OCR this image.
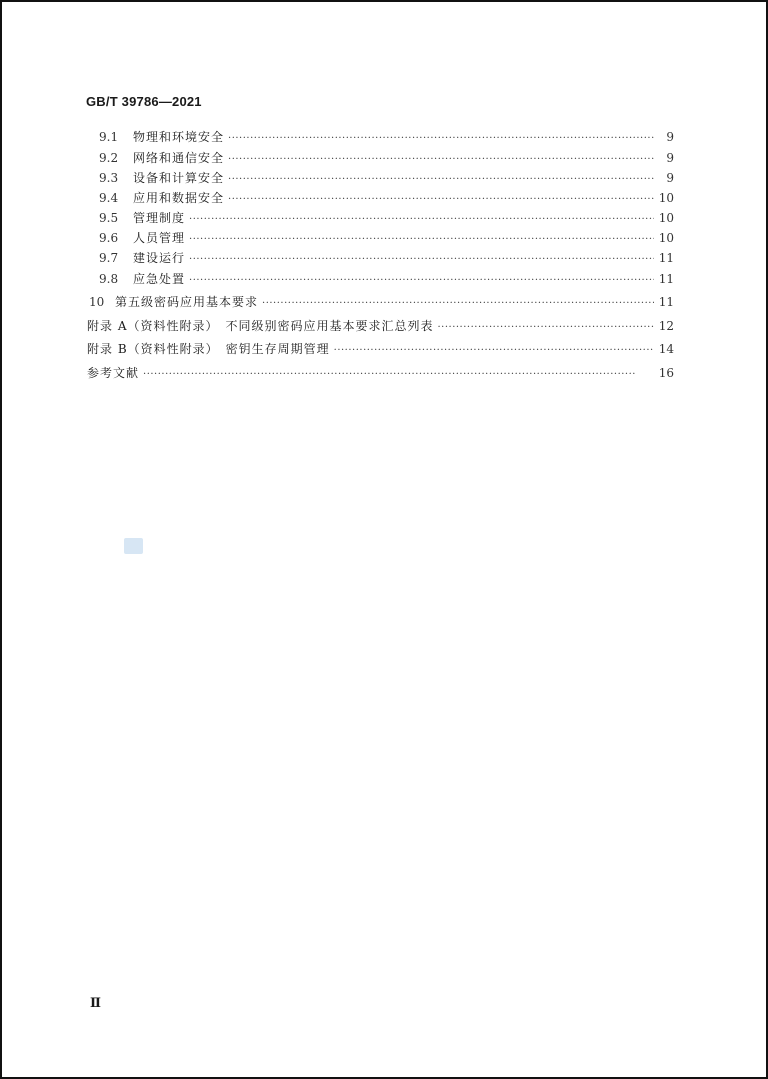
GB/T 39786—2021
9.1	物理和环境安全 ·····	9
9.2	网络和通信安全 ·····	9
9.3	设备和计算安全 ·····	9
9.4	应用和数据安全 ·····	10
9.5	管理制度 ·····	10
9.6	人员管理 ·····	10
9.7	建设运行 ·····	11
9.8	应急处置 ·····	11
10 第五级密码应用基本要求 ·····	11
附录 A（资料性附录）　不同级别密码应用基本要求汇总列表 ·····	12
附录 B（资料性附录）　密钥生存周期管理 ·····	14
参考文献 ·····	16
Ⅱ
